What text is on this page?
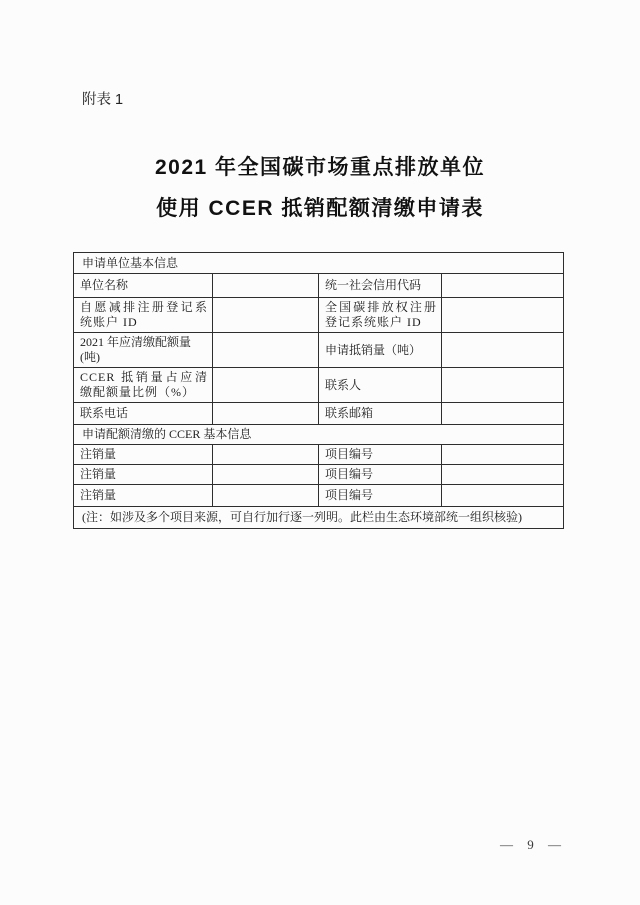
附表 1
2021 年全国碳市场重点排放单位
使用 CCER 抵销配额清缴申请表
申请单位基本信息			
单位名称		统一社会信用代码	
自愿减排注册登记系统账户 ID		全国碳排放权注册登记系统账户 ID	
2021 年应清缴配额量(吨)		申请抵销量（吨）	
CCER 抵销量占应清缴配额量比例（%）		联系人	
联系电话		联系邮箱	
申请配额清缴的 CCER 基本信息			
注销量		项目编号	
注销量		项目编号	
注销量		项目编号	
(注：如涉及多个项目来源，可自行加行逐一列明。此栏由生态环境部统一组织核验)			
— 9 —
